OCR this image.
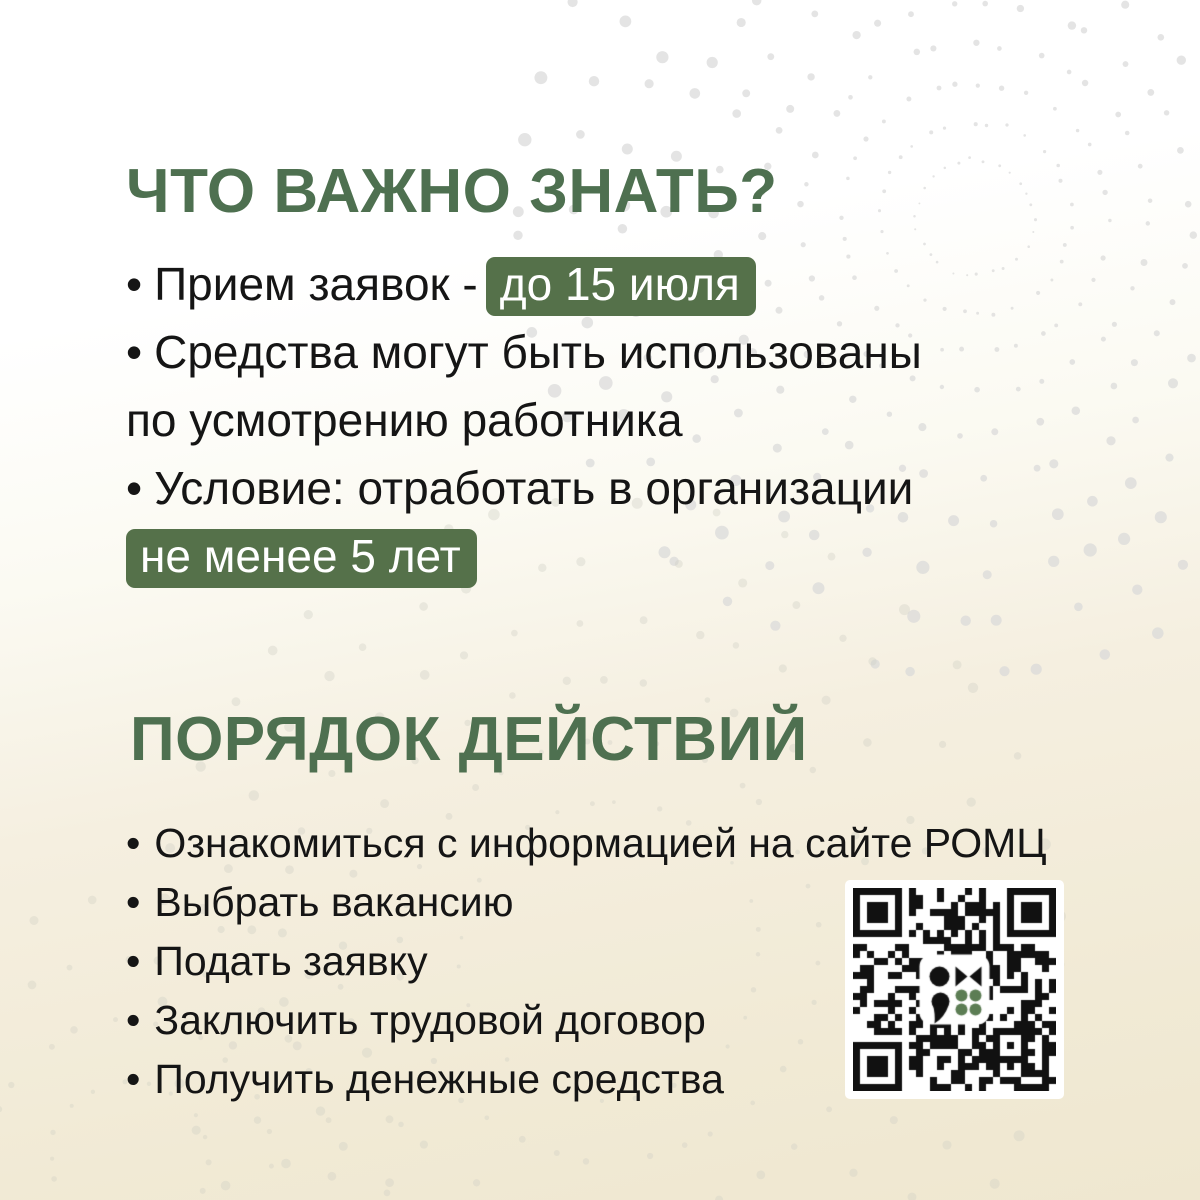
ЧТО ВАЖНО ЗНАТЬ?
• Прием заявок - до 15 июля
• Средства могут быть использованы
по усмотрению работника
• Условие: отработать в организации
не менее 5 лет
ПОРЯДОК ДЕЙСТВИЙ
• Ознакомиться с информацией на сайте РОМЦ
• Выбрать вакансию
• Подать заявку
• Заключить трудовой договор
• Получить денежные средства
